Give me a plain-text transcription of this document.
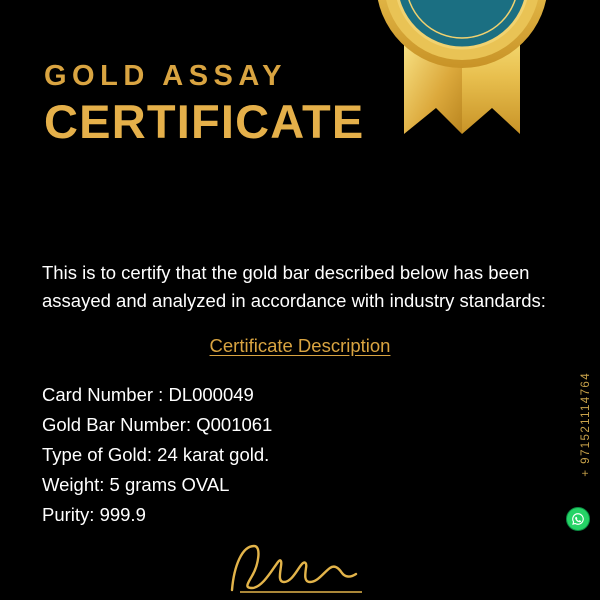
GOLD ASSAY
CERTIFICATE

This is to certify that the gold bar described below has been assayed and analyzed in accordance with industry standards:

Certificate Description
Card Number : DL000049
Gold Bar Number: Q001061
Type of Gold: 24 karat gold.
Weight: 5 grams OVAL
Purity: 999.9
+ 971521114764
